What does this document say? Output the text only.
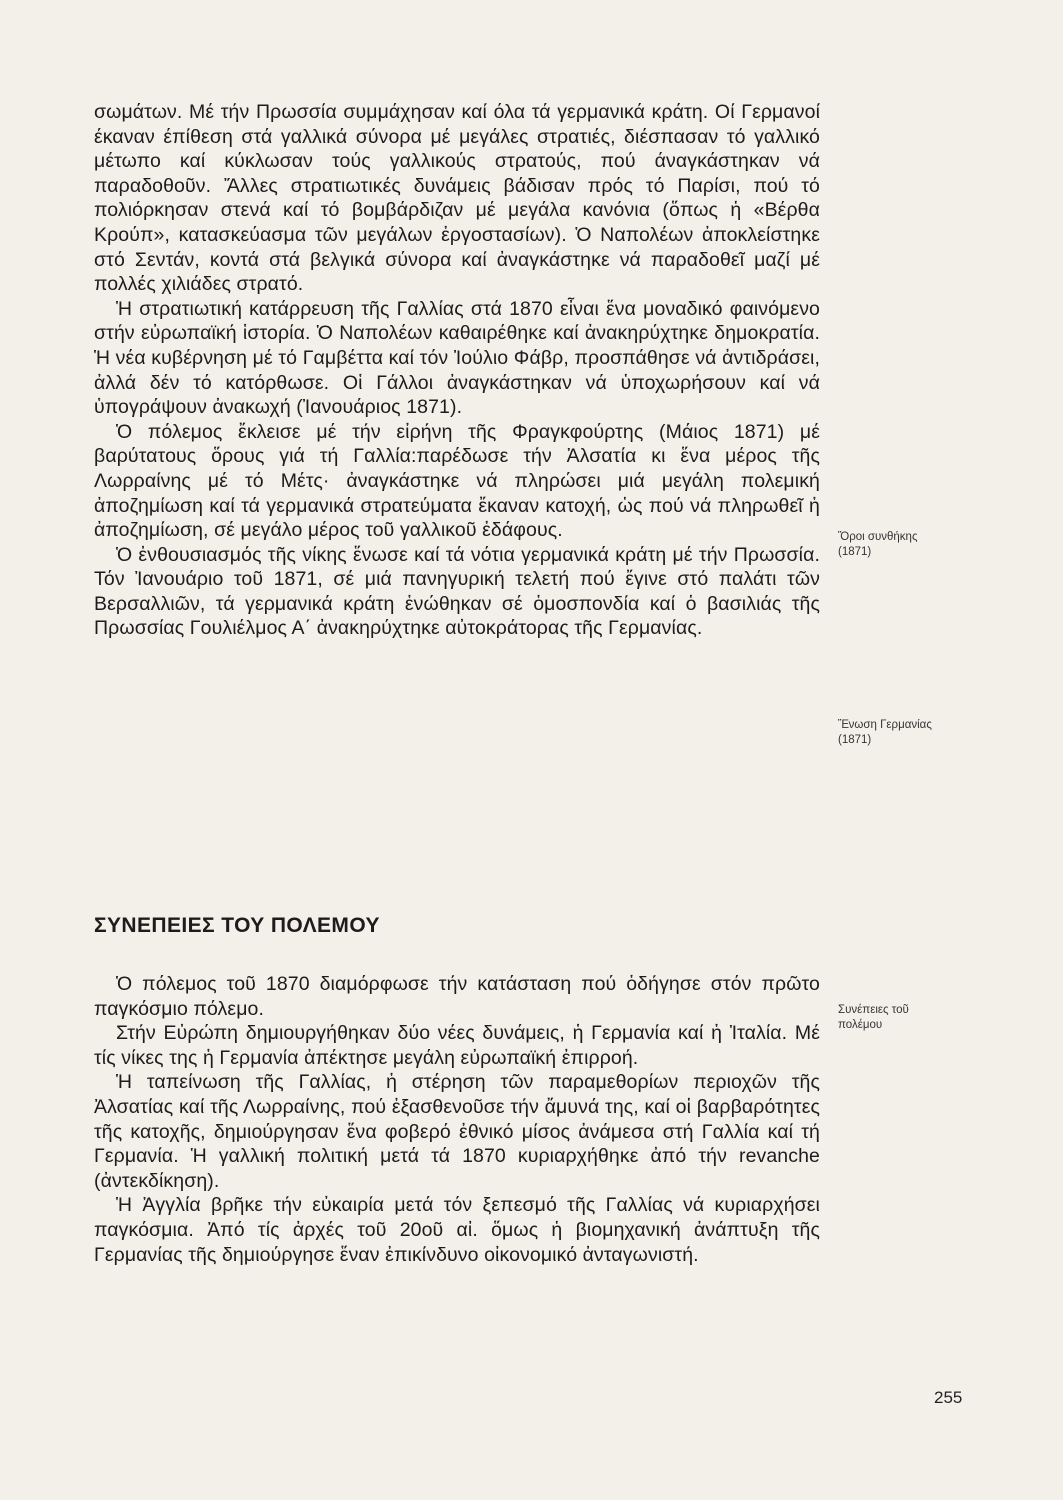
σωμάτων. Μέ τήν Πρωσσία συμμάχησαν καί όλα τά γερμανικά κράτη. Οί Γερμανοί έκαναν έπίθεση στά γαλλικά σύνορα μέ μεγάλες στρατιές, διέσπασαν τό γαλλικό μέτωπο καί κύκλωσαν τούς γαλλικούς στρατούς, πού άναγκάστηκαν νά παραδοθοῦν. Ἄλλες στρατιωτικές δυνάμεις βάδισαν πρός τό Παρίσι, πού τό πολιόρκησαν στενά καί τό βομβάρδιζαν μέ μεγάλα κανόνια (ὅπως ἡ «Βέρθα Κρούπ», κατασκεύασμα τῶν μεγάλων ἐργοστασίων). Ὁ Ναπολέων ἀποκλείστηκε στό Σεντάν, κοντά στά βελγικά σύνορα καί ἀναγκάστηκε νά παραδοθεῖ μαζί μέ πολλές χιλιάδες στρατό.

Ἡ στρατιωτική κατάρρευση τῆς Γαλλίας στά 1870 εἶναι ἕνα μοναδικό φαινόμενο στήν εὐρωπαϊκή ἱστορία. Ὁ Ναπολέων καθαιρέθηκε καί ἀνακηρύχτηκε δημοκρατία. Ἡ νέα κυβέρνηση μέ τό Γαμβέττα καί τόν Ἰούλιο Φάβρ, προσπάθησε νά ἀντιδράσει, ἀλλά δέν τό κατόρθωσε. Οἱ Γάλλοι ἀναγκάστηκαν νά ὑποχωρήσουν καί νά ὑπογράψουν ἀνακωχή (Ἰανουάριος 1871).

Ὁ πόλεμος ἔκλεισε μέ τήν εἰρήνη τῆς Φραγκφούρτης (Μάιος 1871) μέ βαρύτατους ὅρους γιά τή Γαλλία:παρέδωσε τήν Ἀλσατία κι ἕνα μέρος τῆς Λωρραίνης μέ τό Μέτς· ἀναγκάστηκε νά πληρώσει μιά μεγάλη πολεμική ἀποζημίωση καί τά γερμανικά στρατεύματα ἔκαναν κατοχή, ὡς πού νά πληρωθεῖ ἡ ἀποζημίωση, σέ μεγάλο μέρος τοῦ γαλλικοῦ ἐδάφους.

Ὁ ἐνθουσιασμός τῆς νίκης ἕνωσε καί τά νότια γερμανικά κράτη μέ τήν Πρωσσία. Τόν Ἰανουάριο τοῦ 1871, σέ μιά πανηγυρική τελετή πού ἔγινε στό παλάτι τῶν Βερσαλλιῶν, τά γερμανικά κράτη ἑνώθηκαν σέ ὁμοσπονδία καί ὁ βασιλιάς τῆς Πρωσσίας Γουλιέλμος Α΄ ἀνακηρύχτηκε αὐτοκράτορας τῆς Γερμανίας.

Ὅροι συνθήκης
(1871)
Ἕνωση Γερμανίας
(1871)
ΣΥΝΕΠΕΙΕΣ ΤΟΥ ΠΟΛΕΜΟΥ

Ὁ πόλεμος τοῦ 1870 διαμόρφωσε τήν κατάσταση πού ὁδήγησε στόν πρῶτο παγκόσμιο πόλεμο.

Στήν Εὐρώπη δημιουργήθηκαν δύο νέες δυνάμεις, ἡ Γερμανία καί ἡ Ἰταλία. Μέ τίς νίκες της ἡ Γερμανία ἀπέκτησε μεγάλη εὐρωπαϊκή ἐπιρροή.

Ἡ ταπείνωση τῆς Γαλλίας, ἡ στέρηση τῶν παραμεθορίων περιοχῶν τῆς Ἀλσατίας καί τῆς Λωρραίνης, πού ἐξασθενοῦσε τήν ἄμυνά της, καί οἱ βαρβαρότητες τῆς κατοχῆς, δημιούργησαν ἕνα φοβερό ἐθνικό μίσος ἀνάμεσα στή Γαλλία καί τή Γερμανία. Ἡ γαλλική πολιτική μετά τά 1870 κυριαρχήθηκε ἀπό τήν revanche (ἀντεκδίκηση).

Ἡ Ἀγγλία βρῆκε τήν εὐκαιρία μετά τόν ξεπεσμό τῆς Γαλλίας νά κυριαρχήσει παγκόσμια. Ἀπό τίς ἀρχές τοῦ 20οῦ αἰ. ὅμως ἡ βιομηχανική ἀνάπτυξη τῆς Γερμανίας τῆς δημιούργησε ἕναν ἐπικίνδυνο οἰκονομικό ἀνταγωνιστή.

Συνέπειες τοῦ
πολέμου
255
